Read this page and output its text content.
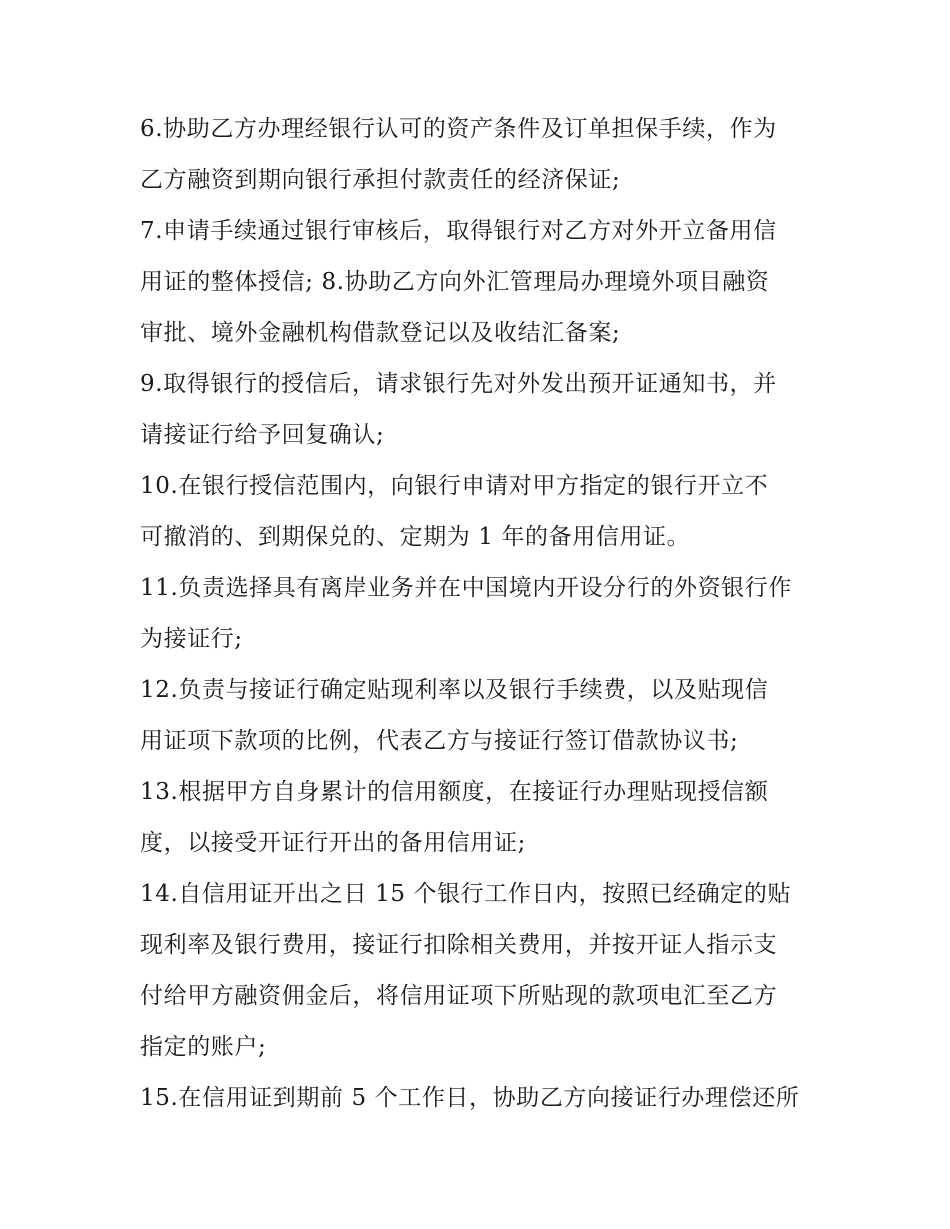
6.协助乙方办理经银行认可的资产条件及订单担保手续，作为
乙方融资到期向银行承担付款责任的经济保证;
7.申请手续通过银行审核后，取得银行对乙方对外开立备用信
用证的整体授信; 8.协助乙方向外汇管理局办理境外项目融资
审批、境外金融机构借款登记以及收结汇备案;
9.取得银行的授信后，请求银行先对外发出预开证通知书，并
请接证行给予回复确认;
10.在银行授信范围内，向银行申请对甲方指定的银行开立不
可撤消的、到期保兑的、定期为 1 年的备用信用证。
11.负责选择具有离岸业务并在中国境内开设分行的外资银行作
为接证行;
12.负责与接证行确定贴现利率以及银行手续费，以及贴现信
用证项下款项的比例，代表乙方与接证行签订借款协议书;
13.根据甲方自身累计的信用额度，在接证行办理贴现授信额
度，以接受开证行开出的备用信用证;
14.自信用证开出之日 15 个银行工作日内，按照已经确定的贴
现利率及银行费用，接证行扣除相关费用，并按开证人指示支
付给甲方融资佣金后，将信用证项下所贴现的款项电汇至乙方
指定的账户;
15.在信用证到期前 5 个工作日，协助乙方向接证行办理偿还所
